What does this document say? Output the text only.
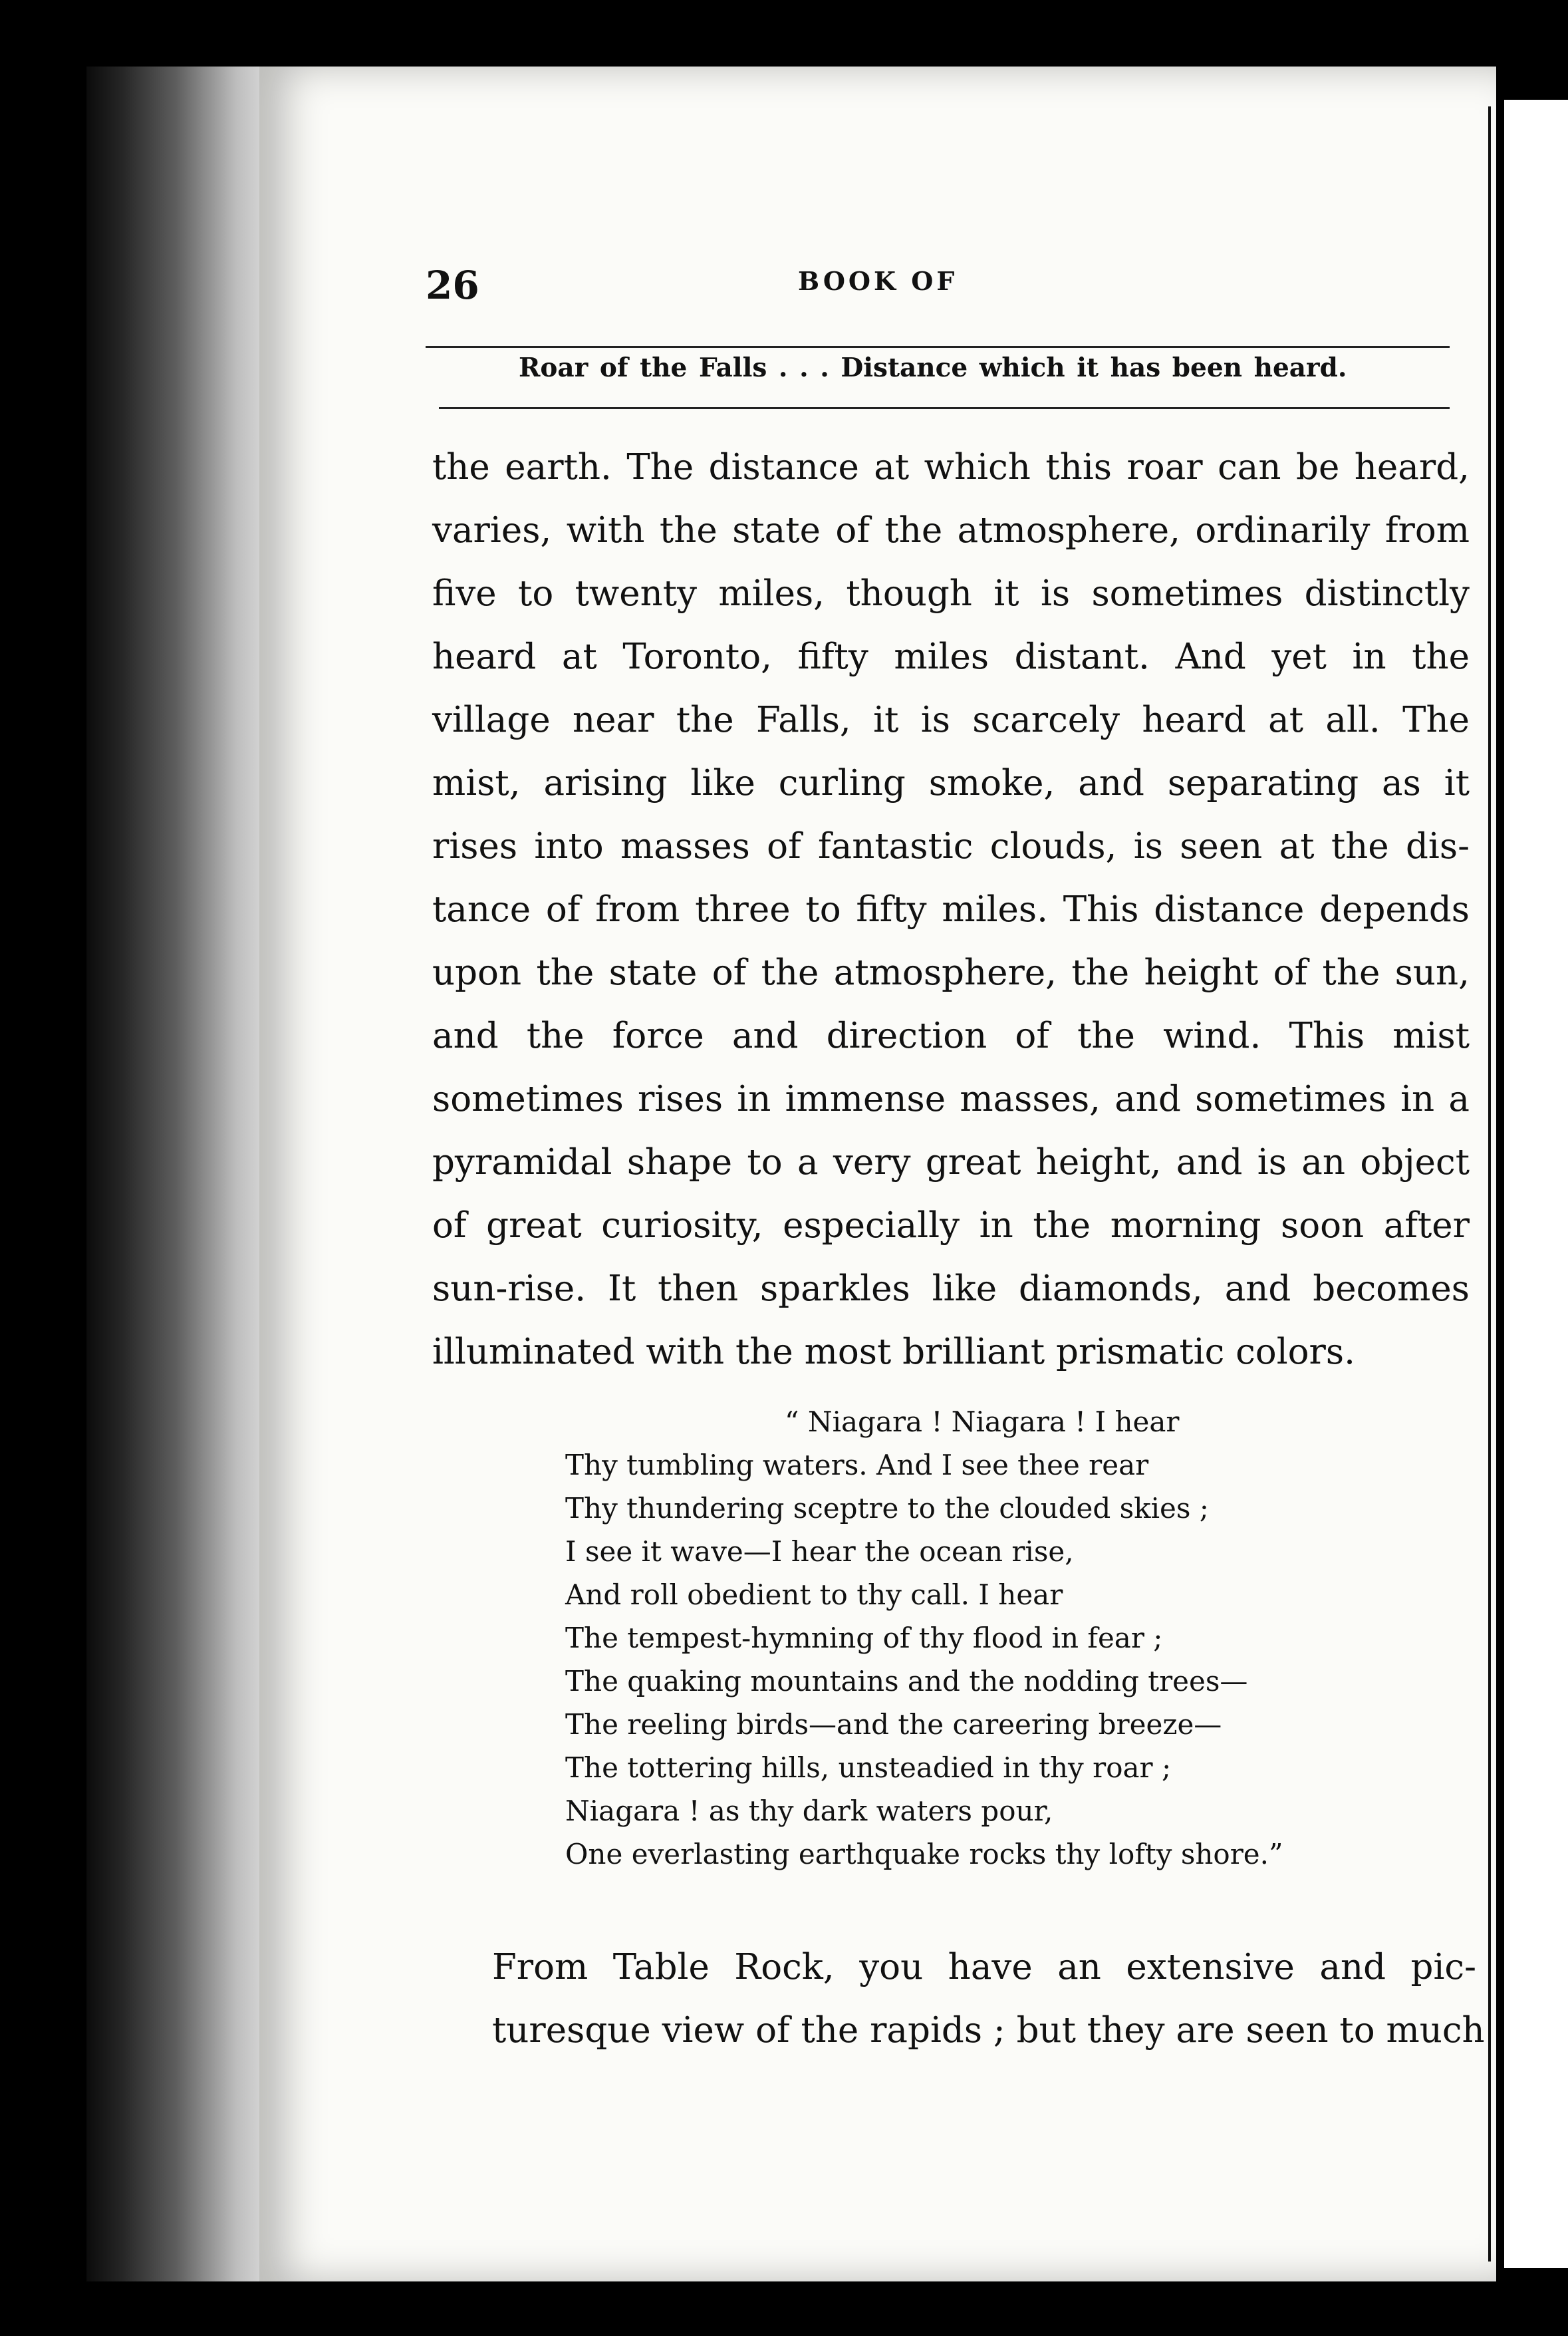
26	BOOK OF
Roar of the Falls . . . Distance which it has been heard.
the earth. The distance at which this roar can be heard,
varies, with the state of the atmosphere, ordinarily from
five to twenty miles, though it is sometimes distinctly
heard at Toronto, fifty miles distant. And yet in the
village near the Falls, it is scarcely heard at all. The
mist, arising like curling smoke, and separating as it
rises into masses of fantastic clouds, is seen at the dis-
tance of from three to fifty miles. This distance depends
upon the state of the atmosphere, the height of the sun,
and the force and direction of the wind. This mist
sometimes rises in immense masses, and sometimes in a
pyramidal shape to a very great height, and is an object
of great curiosity, especially in the morning soon after
sun-rise. It then sparkles like diamonds, and becomes
illuminated with the most brilliant prismatic colors.
“ Niagara ! Niagara ! I hear
Thy tumbling waters. And I see thee rear
Thy thundering sceptre to the clouded skies ;
I see it wave—I hear the ocean rise,
And roll obedient to thy call. I hear
The tempest-hymning of thy flood in fear ;
The quaking mountains and the nodding trees—
The reeling birds—and the careering breeze—
The tottering hills, unsteadied in thy roar ;
Niagara ! as thy dark waters pour,
One everlasting earthquake rocks thy lofty shore.”
From Table Rock, you have an extensive and pic-
turesque view of the rapids ; but they are seen to much
